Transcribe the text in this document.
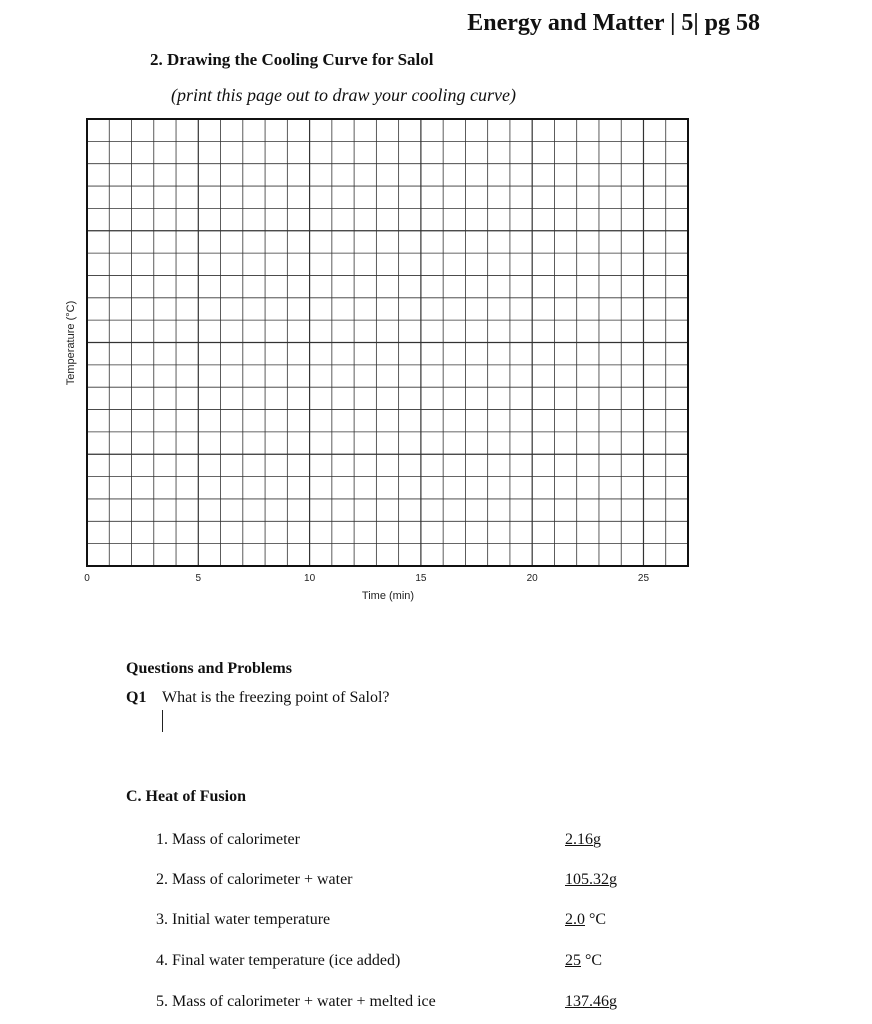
Energy and Matter | 5| pg 58
2. Drawing the Cooling Curve for Salol
(print this page out to draw your cooling curve)
0	5	10	15	20	25
Time (min)
Temperature (°C)
Questions and Problems
Q1 What is the freezing point of Salol?
C. Heat of Fusion
1. Mass of calorimeter	2.16g
2. Mass of calorimeter + water	105.32g
3. Initial water temperature	2.0 °C
4. Final water temperature (ice added)	25 °C
5. Mass of calorimeter + water + melted ice	137.46g
